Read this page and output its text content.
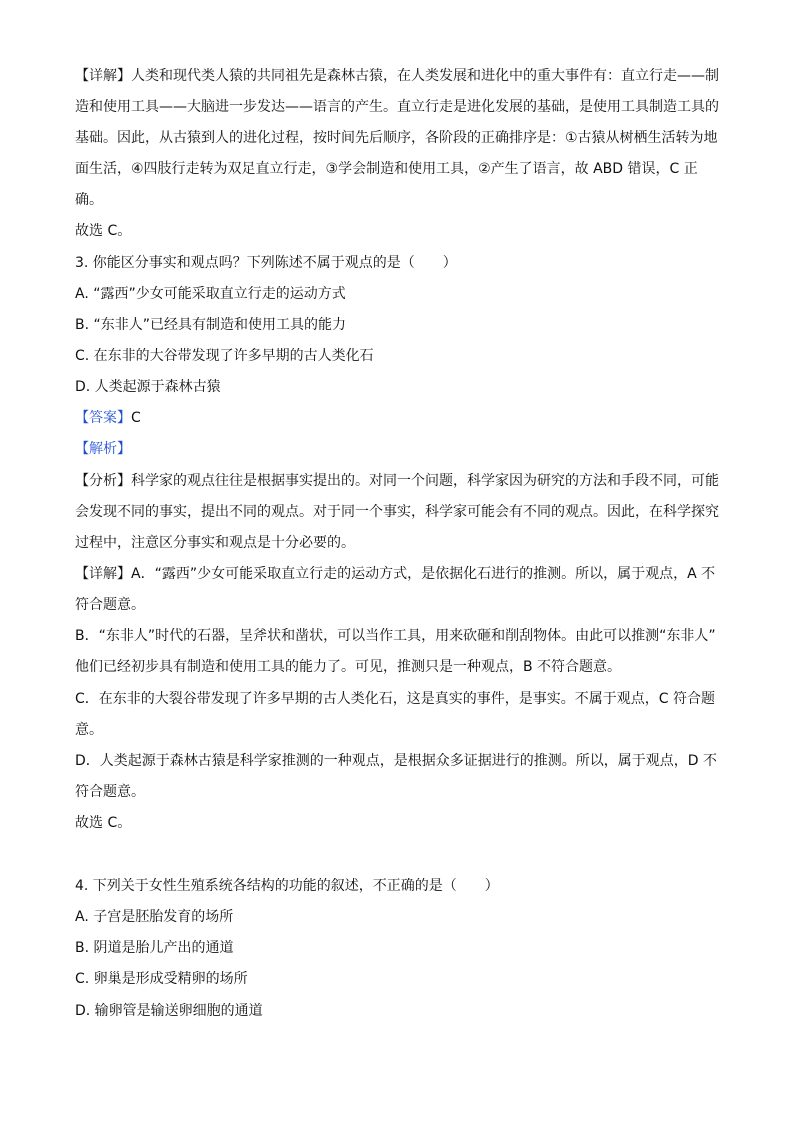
【详解】人类和现代类人猿的共同祖先是森林古猿，在人类发展和进化中的重大事件有：直立行走——制
造和使用工具——大脑进一步发达——语言的产生。直立行走是进化发展的基础，是使用工具制造工具的
基础。因此，从古猿到人的进化过程，按时间先后顺序，各阶段的正确排序是：①古猿从树栖生活转为地
面生活，④四肢行走转为双足直立行走，③学会制造和使用工具，②产生了语言，故 ABD 错误，C 正
确。
故选 C。
3. 你能区分事实和观点吗？下列陈述不属于观点的是（　　）
A. “露西”少女可能采取直立行走的运动方式
B. “东非人”已经具有制造和使用工具的能力
C. 在东非的大谷带发现了许多早期的古人类化石
D. 人类起源于森林古猿
【答案】C
【解析】
【分析】科学家的观点往往是根据事实提出的。对同一个问题，科学家因为研究的方法和手段不同，可能
会发现不同的事实，提出不同的观点。对于同一个事实，科学家可能会有不同的观点。因此，在科学探究
过程中，注意区分事实和观点是十分必要的。
【详解】A．“露西”少女可能采取直立行走的运动方式，是依据化石进行的推测。所以，属于观点，A 不
符合题意。
B．“东非人”时代的石器，呈斧状和凿状，可以当作工具，用来砍砸和削刮物体。由此可以推测“东非人”
他们已经初步具有制造和使用工具的能力了。可见，推测只是一种观点，B 不符合题意。
C．在东非的大裂谷带发现了许多早期的古人类化石，这是真实的事件，是事实。不属于观点，C 符合题
意。
D．人类起源于森林古猿是科学家推测的一种观点，是根据众多证据进行的推测。所以，属于观点，D 不
符合题意。
故选 C。
4. 下列关于女性生殖系统各结构的功能的叙述，不正确的是（　　）
A. 子宫是胚胎发育的场所
B. 阴道是胎儿产出的通道
C. 卵巢是形成受精卵的场所
D. 输卵管是输送卵细胞的通道
